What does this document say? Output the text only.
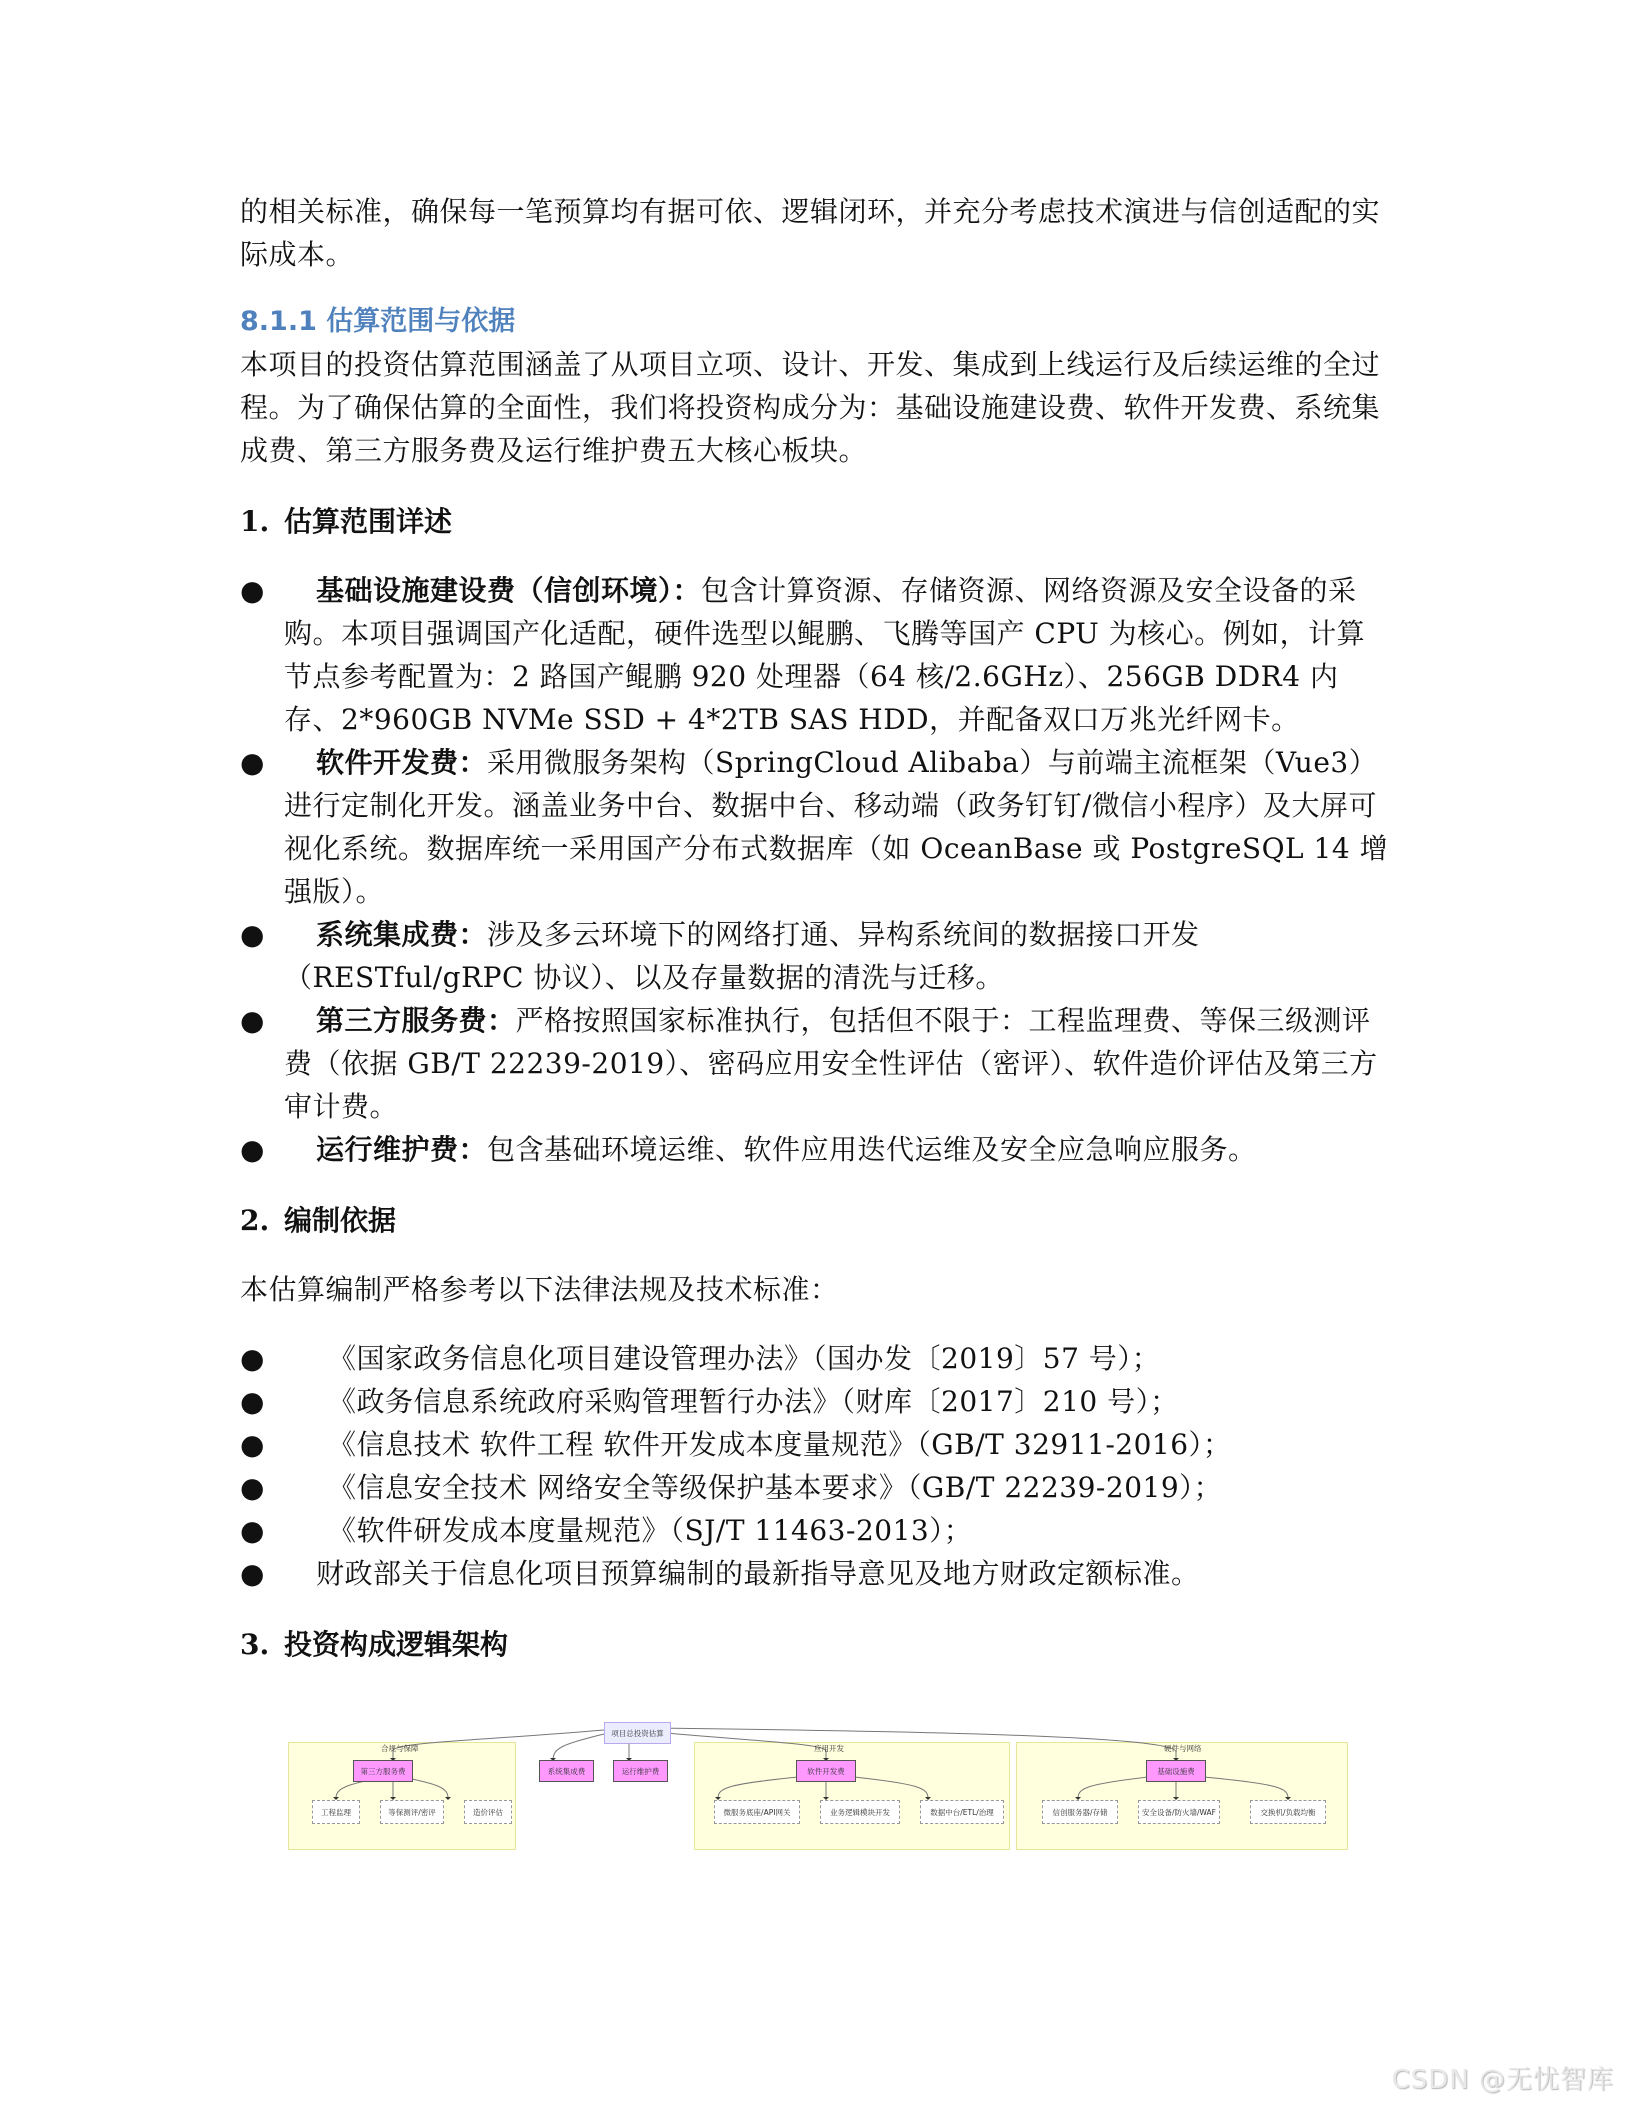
的相关标准，确保每一笔预算均有据可依、逻辑闭环，并充分考虑技术演进与信创适配的实际成本。

8.1.1 估算范围与依据

本项目的投资估算范围涵盖了从项目立项、设计、开发、集成到上线运行及后续运维的全过程。为了确保估算的全面性，我们将投资构成分为：基础设施建设费、软件开发费、系统集成费、第三方服务费及运行维护费五大核心板块。

1. 估算范围详述
● 基础设施建设费（信创环境）：包含计算资源、存储资源、网络资源及安全设备的采购。本项目强调国产化适配，硬件选型以鲲鹏、飞腾等国产 CPU 为核心。例如，计算节点参考配置为：2 路国产鲲鹏 920 处理器（64 核/2.6GHz）、256GB DDR4 内存、2*960GB NVMe SSD + 4*2TB SAS HDD，并配备双口万兆光纤网卡。
● 软件开发费：采用微服务架构（SpringCloud Alibaba）与前端主流框架（Vue3）进行定制化开发。涵盖业务中台、数据中台、移动端（政务钉钉/微信小程序）及大屏可视化系统。数据库统一采用国产分布式数据库（如 OceanBase 或 PostgreSQL 14 增强版）。
● 系统集成费：涉及多云环境下的网络打通、异构系统间的数据接口开发（RESTful/gRPC 协议）、以及存量数据的清洗与迁移。
● 第三方服务费：严格按照国家标准执行，包括但不限于：工程监理费、等保三级测评费（依据 GB/T 22239-2019）、密码应用安全性评估（密评）、软件造价评估及第三方审计费。
● 运行维护费：包含基础环境运维、软件应用迭代运维及安全应急响应服务。
2. 编制依据

本估算编制严格参考以下法律法规及技术标准：

● 《国家政务信息化项目建设管理办法》（国办发〔2019〕57 号）；
● 《政务信息系统政府采购管理暂行办法》（财库〔2017〕210 号）；
● 《信息技术 软件工程 软件开发成本度量规范》（GB/T 32911-2016）；
● 《信息安全技术 网络安全等级保护基本要求》（GB/T 22239-2019）；
● 《软件研发成本度量规范》（SJ/T 11463-2013）；
● 财政部关于信息化项目预算编制的最新指导意见及地方财政定额标准。
3. 投资构成逻辑架构
合规与保障	应用开发	硬件与网络
项目总投资估算
第三方服务费	系统集成费	运行维护费	软件开发费	基础设施费
工程监理	等保测评/密评	造价评估	微服务底座/API网关	业务逻辑模块开发	数据中台/ETL/治理	信创服务器/存储	安全设备/防火墙/WAF	交换机/负载均衡
CSDN @无忧智库
